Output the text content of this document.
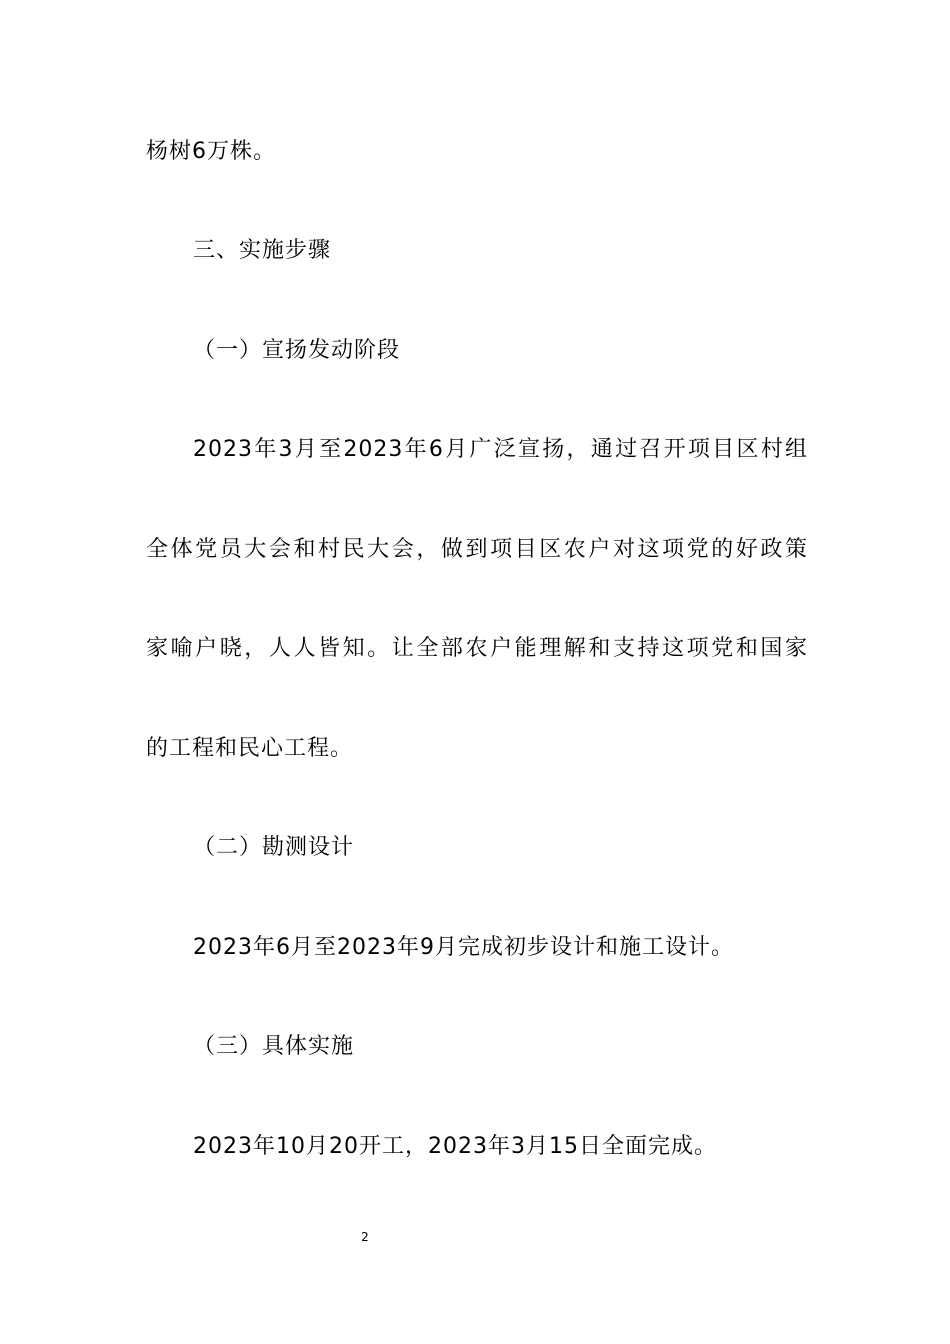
杨树6万株。
三、实施步骤
（一）宣扬发动阶段
2023年3月至2023年6月广泛宣扬，通过召开项目区村组
全体党员大会和村民大会，做到项目区农户对这项党的好政策
家喻户晓，人人皆知。让全部农户能理解和支持这项党和国家
的工程和民心工程。
（二）勘测设计
2023年6月至2023年9月完成初步设计和施工设计。
（三）具体实施
2023年10月20开工，2023年3月15日全面完成。
2
